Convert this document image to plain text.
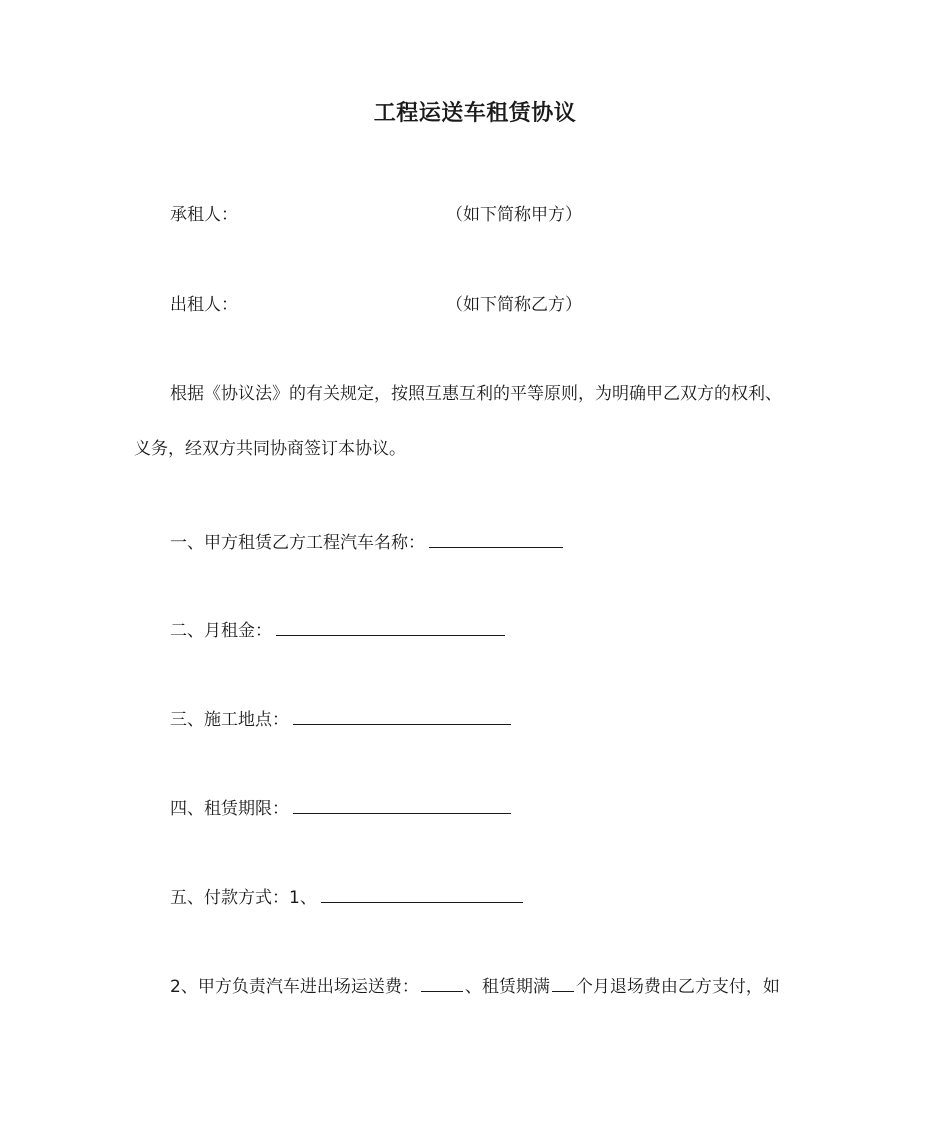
工程运送车租赁协议
承租人：	（如下简称甲方）
出租人：	（如下简称乙方）
根据《协议法》的有关规定，按照互惠互利的平等原则，为明确甲乙双方的权利、
义务，经双方共同协商签订本协议。
一、甲方租赁乙方工程汽车名称：
二、月租金：
三、施工地点：
四、租赁期限：
五、付款方式：1、
2、甲方负责汽车进出场运送费：	、租赁期满 个月退场费由乙方支付，如
